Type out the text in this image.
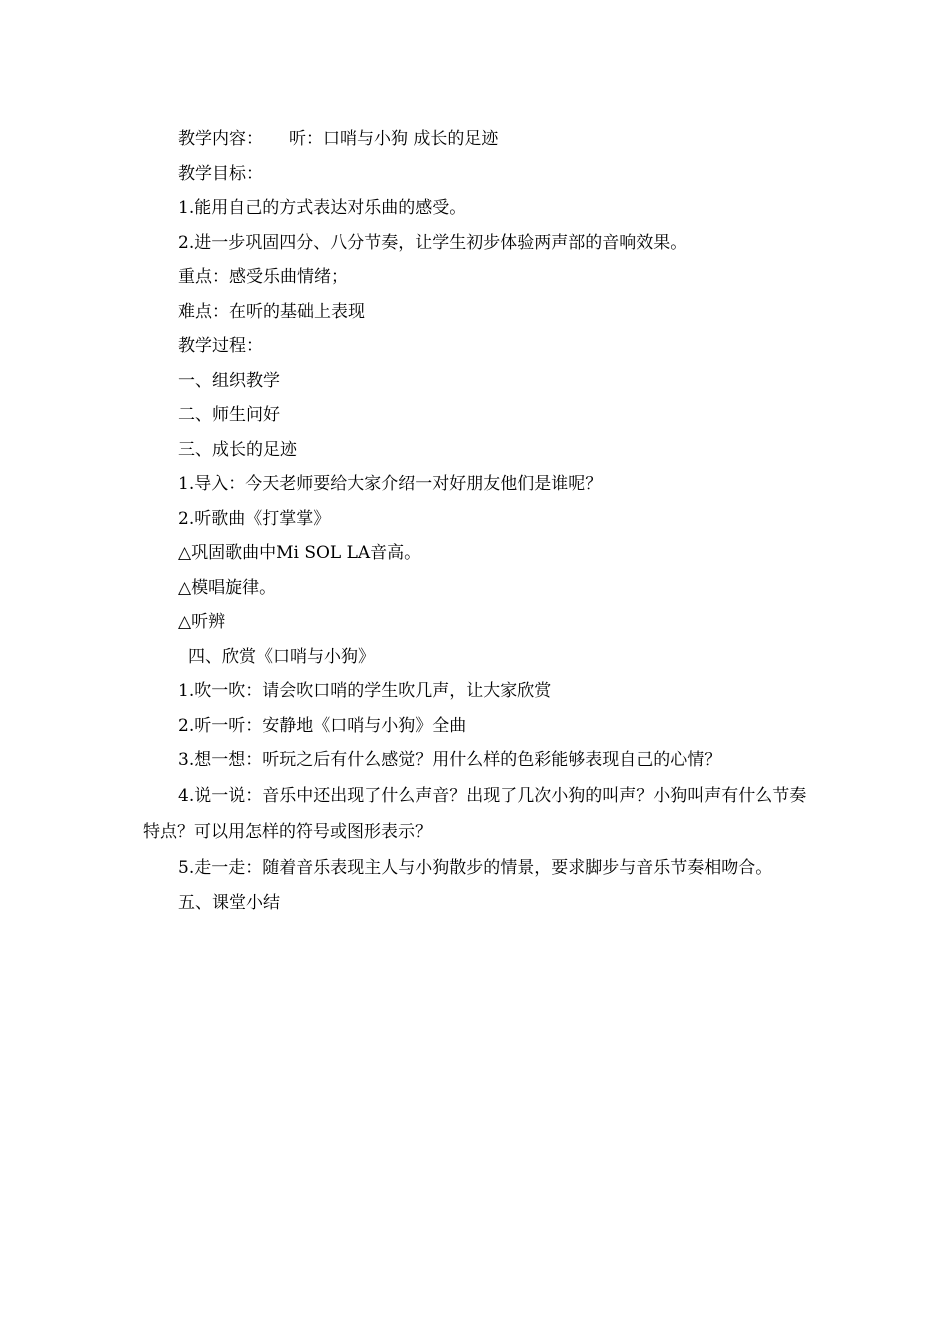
教学内容： 听：口哨与小狗 成长的足迹
教学目标：
1.能用自己的方式表达对乐曲的感受。
2.进一步巩固四分、八分节奏，让学生初步体验两声部的音响效果。
重点：感受乐曲情绪；
难点：在听的基础上表现
教学过程：
一、组织教学
二、师生问好
三、成长的足迹
1.导入：今天老师要给大家介绍一对好朋友他们是谁呢？
2.听歌曲《打掌掌》
△巩固歌曲中Mi SOL LA音高。
△模唱旋律。
△听辨
四、欣赏《口哨与小狗》
1.吹一吹：请会吹口哨的学生吹几声，让大家欣赏
2.听一听：安静地《口哨与小狗》全曲
3.想一想：听玩之后有什么感觉？用什么样的色彩能够表现自己的心情？
4.说一说：音乐中还出现了什么声音？出现了几次小狗的叫声？小狗叫声有什么节奏特点？可以用怎样的符号或图形表示？
5.走一走：随着音乐表现主人与小狗散步的情景，要求脚步与音乐节奏相吻合。
五、课堂小结
